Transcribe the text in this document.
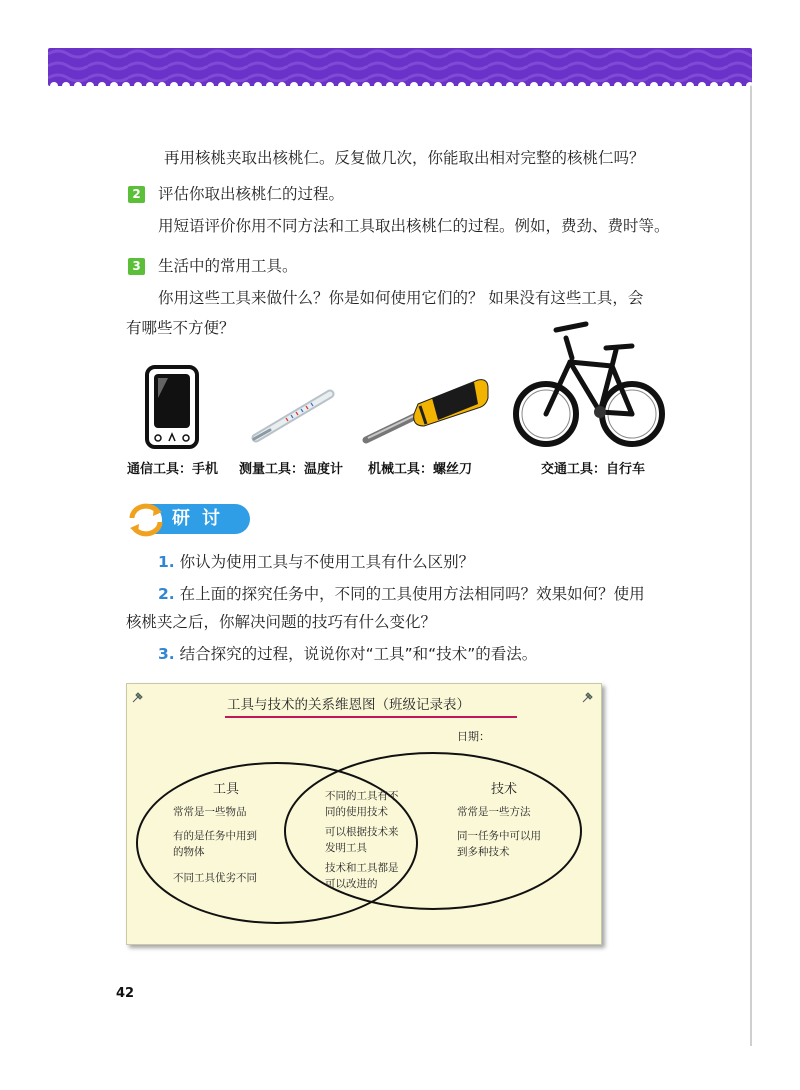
再用核桃夹取出核桃仁。反复做几次，你能取出相对完整的核桃仁吗？
2 评估你取出核桃仁的过程。
用短语评价你用不同方法和工具取出核桃仁的过程。例如，费劲、费时等。
3 生活中的常用工具。
你用这些工具来做什么？你是如何使用它们的？ 如果没有这些工具，会
有哪些不方便？
通信工具：手机 测量工具：温度计 机械工具：螺丝刀	交通工具：自行车
研讨
1. 你认为使用工具与不使用工具有什么区别？
2. 在上面的探究任务中，不同的工具使用方法相同吗？效果如何？使用
核桃夹之后，你解决问题的技巧有什么变化？
3. 结合探究的过程，说说你对“工具”和“技术”的看法。
工具与技术的关系维恩图（班级记录表）
日期：
工具
常常是一些物品
有的是任务中用到
的物体
不同工具优劣不同
不同的工具有不
同的使用技术
可以根据技术来
发明工具
技术和工具都是
可以改进的
技术
常常是一些方法
同一任务中可以用
到多种技术
42
